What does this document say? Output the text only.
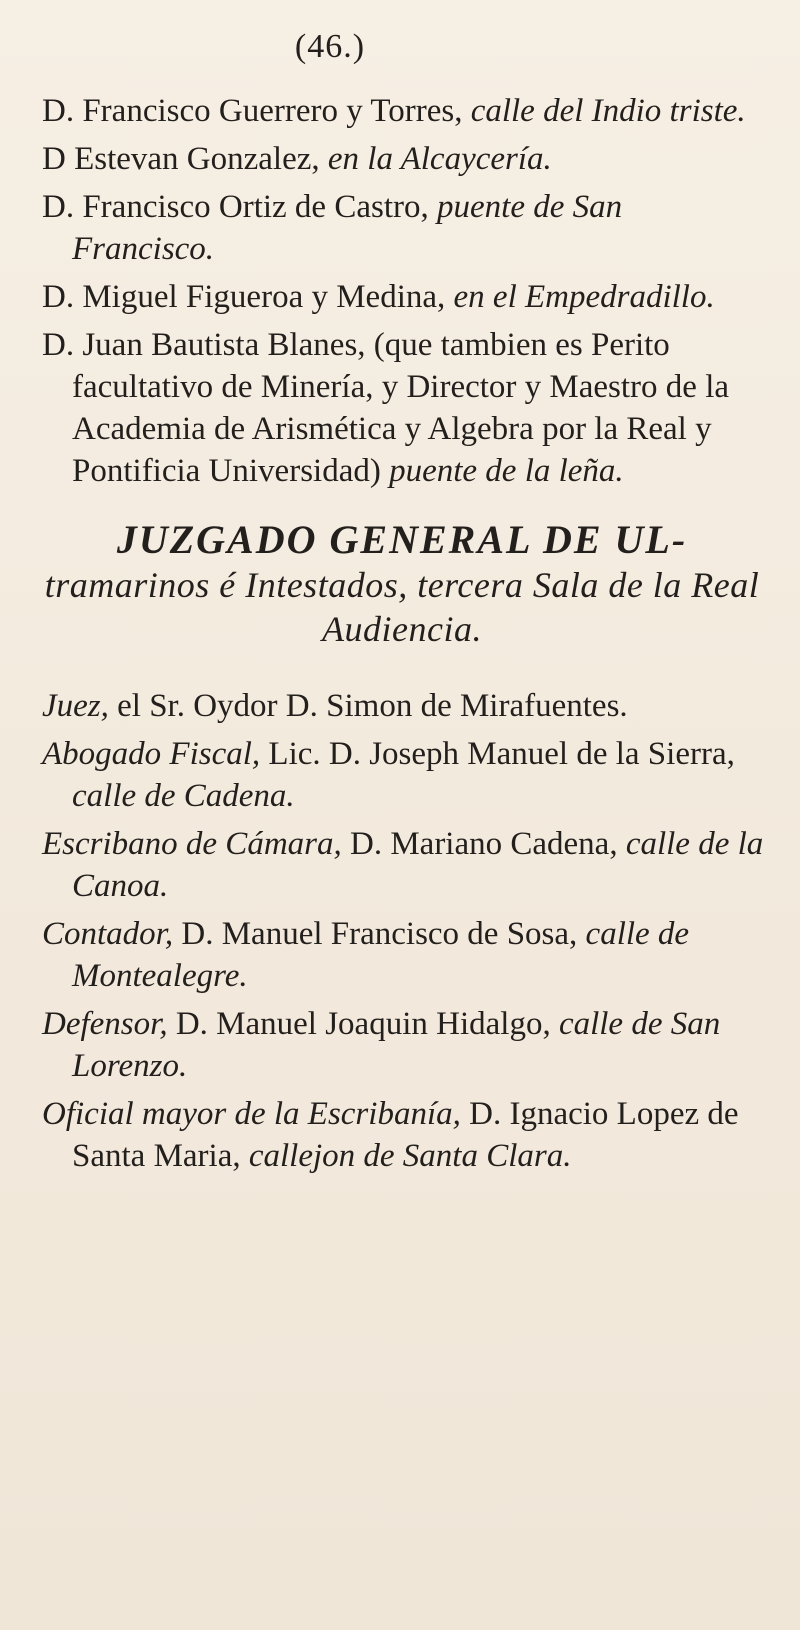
(46.)

D. Francisco Guerrero y Torres, calle del Indio triste.

D Estevan Gonzalez, en la Alcaycería.

D. Francisco Ortiz de Castro, puente de San Francisco.

D. Miguel Figueroa y Medina, en el Empedradillo.

D. Juan Bautista Blanes, (que tambien es Perito facultativo de Minería, y Director y Maestro de la Academia de Arismética y Algebra por la Real y Pontificia Universidad) puente de la leña.

JUZGADO GENERAL DE UL-
tramarinos é Intestados, tercera Sala de la Real Audiencia.

Juez, el Sr. Oydor D. Simon de Mirafuentes.

Abogado Fiscal, Lic. D. Joseph Manuel de la Sierra, calle de Cadena.

Escribano de Cámara, D. Mariano Cadena, calle de la Canoa.

Contador, D. Manuel Francisco de Sosa, calle de Montealegre.

Defensor, D. Manuel Joaquin Hidalgo, calle de San Lorenzo.

Oficial mayor de la Escribanía, D. Ignacio Lopez de Santa Maria, callejon de Santa Clara.
